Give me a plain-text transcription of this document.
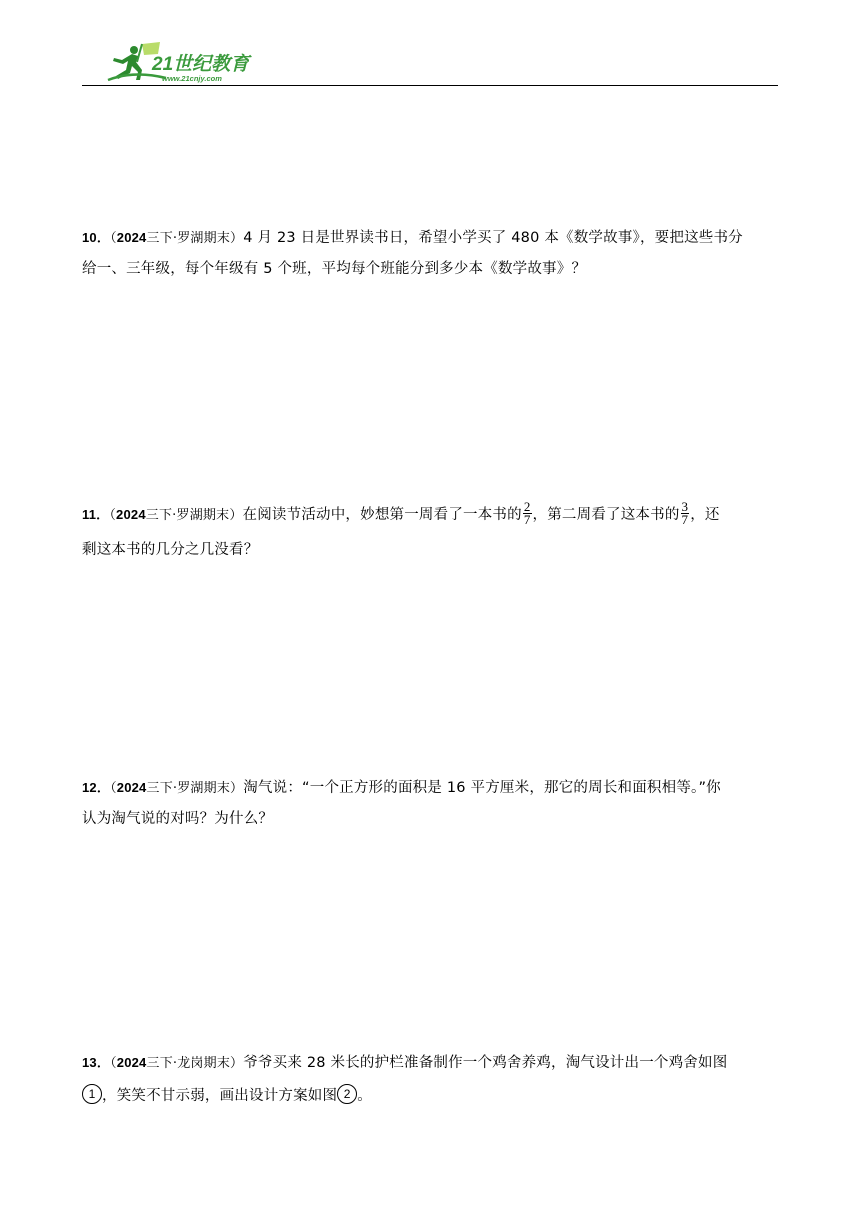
21世纪教育
www.21cnjy.com

10．（2024三下·罗湖期末）4 月 23 日是世界读书日，希望小学买了 480 本《数学故事》，要把这些书分

给一、三年级，每个年级有 5 个班，平均每个班能分到多少本《数学故事》？

11．（2024三下·罗湖期末）在阅读节活动中，妙想第一周看了一本书的 $\frac{2}{7}$ ，第二周看了这本书的 $\frac{3}{7}$ ，还

剩这本书的几分之几没看？

12．（2024三下·罗湖期末）淘气说：“一个正方形的面积是 16 平方厘米，那它的周长和面积相等。”你

认为淘气说的对吗？为什么？

13．（2024三下·龙岗期末）爷爷买来 28 米长的护栏准备制作一个鸡舍养鸡，淘气设计出一个鸡舍如图

1 ，笑笑不甘示弱，画出设计方案如图 2 。
